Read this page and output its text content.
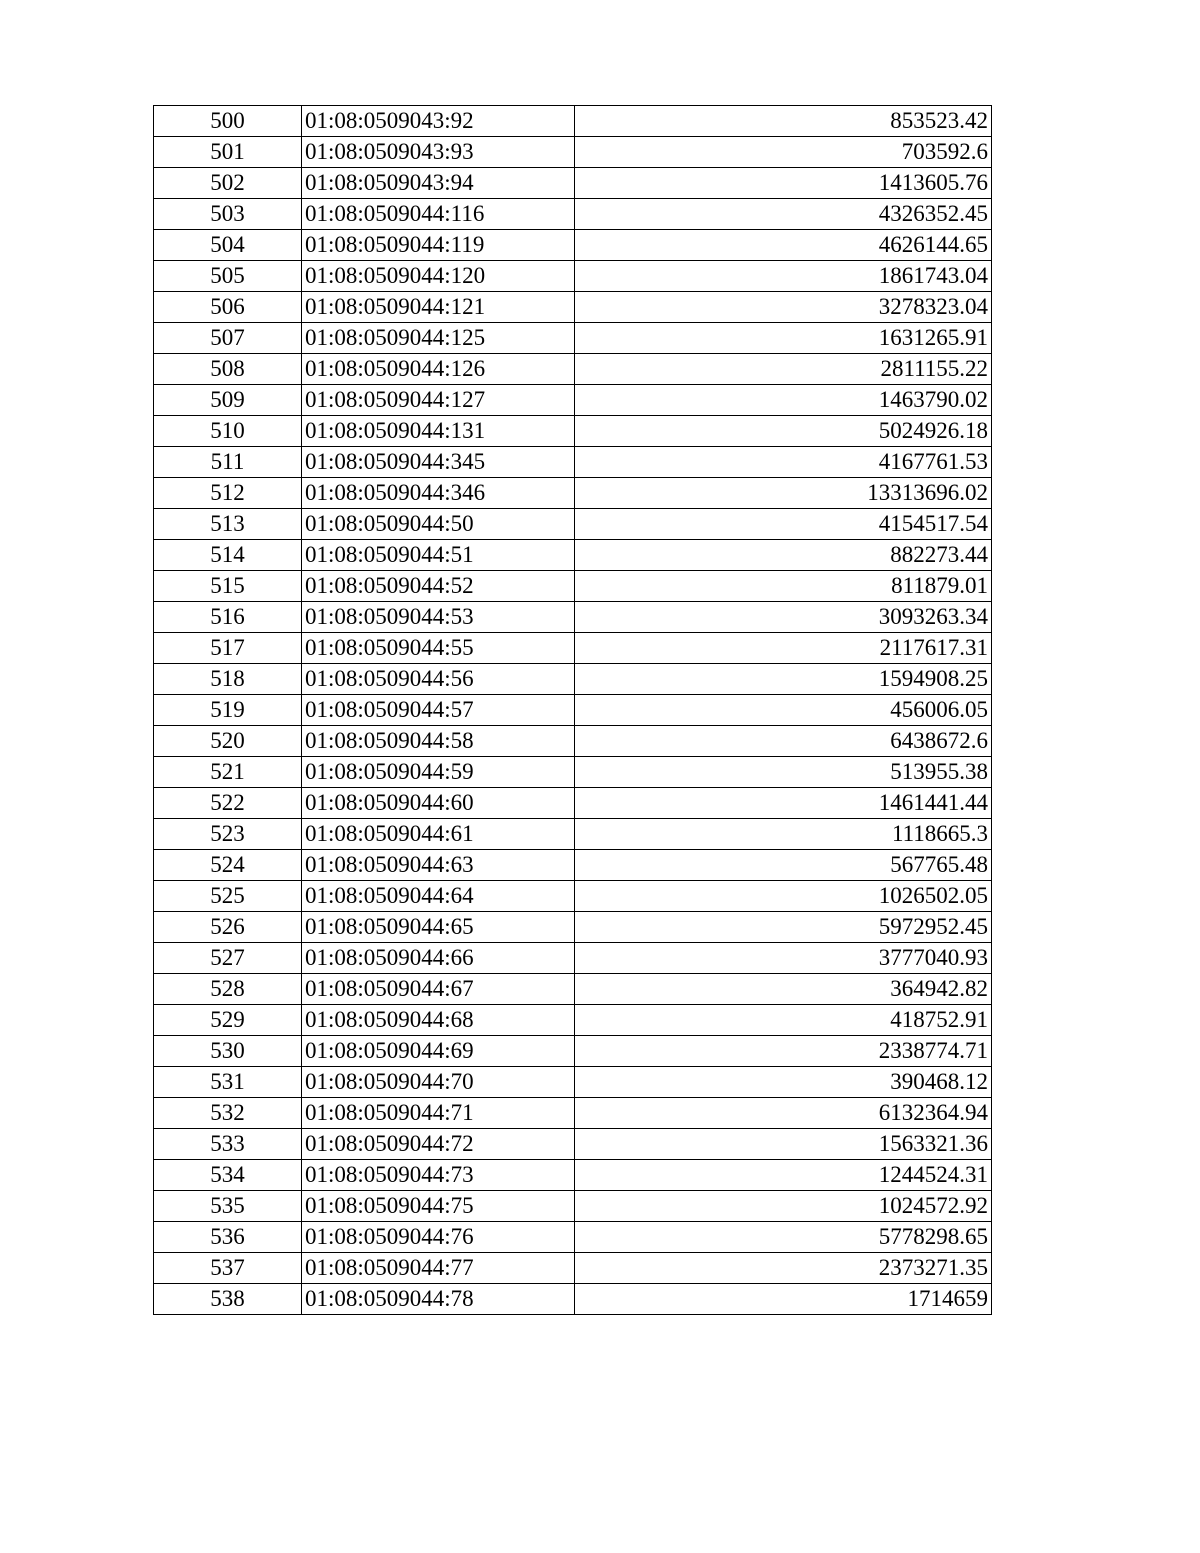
500	01:08:0509043:92	853523.42
501	01:08:0509043:93	703592.6
502	01:08:0509043:94	1413605.76
503	01:08:0509044:116	4326352.45
504	01:08:0509044:119	4626144.65
505	01:08:0509044:120	1861743.04
506	01:08:0509044:121	3278323.04
507	01:08:0509044:125	1631265.91
508	01:08:0509044:126	2811155.22
509	01:08:0509044:127	1463790.02
510	01:08:0509044:131	5024926.18
511	01:08:0509044:345	4167761.53
512	01:08:0509044:346	13313696.02
513	01:08:0509044:50	4154517.54
514	01:08:0509044:51	882273.44
515	01:08:0509044:52	811879.01
516	01:08:0509044:53	3093263.34
517	01:08:0509044:55	2117617.31
518	01:08:0509044:56	1594908.25
519	01:08:0509044:57	456006.05
520	01:08:0509044:58	6438672.6
521	01:08:0509044:59	513955.38
522	01:08:0509044:60	1461441.44
523	01:08:0509044:61	1118665.3
524	01:08:0509044:63	567765.48
525	01:08:0509044:64	1026502.05
526	01:08:0509044:65	5972952.45
527	01:08:0509044:66	3777040.93
528	01:08:0509044:67	364942.82
529	01:08:0509044:68	418752.91
530	01:08:0509044:69	2338774.71
531	01:08:0509044:70	390468.12
532	01:08:0509044:71	6132364.94
533	01:08:0509044:72	1563321.36
534	01:08:0509044:73	1244524.31
535	01:08:0509044:75	1024572.92
536	01:08:0509044:76	5778298.65
537	01:08:0509044:77	2373271.35
538	01:08:0509044:78	1714659
